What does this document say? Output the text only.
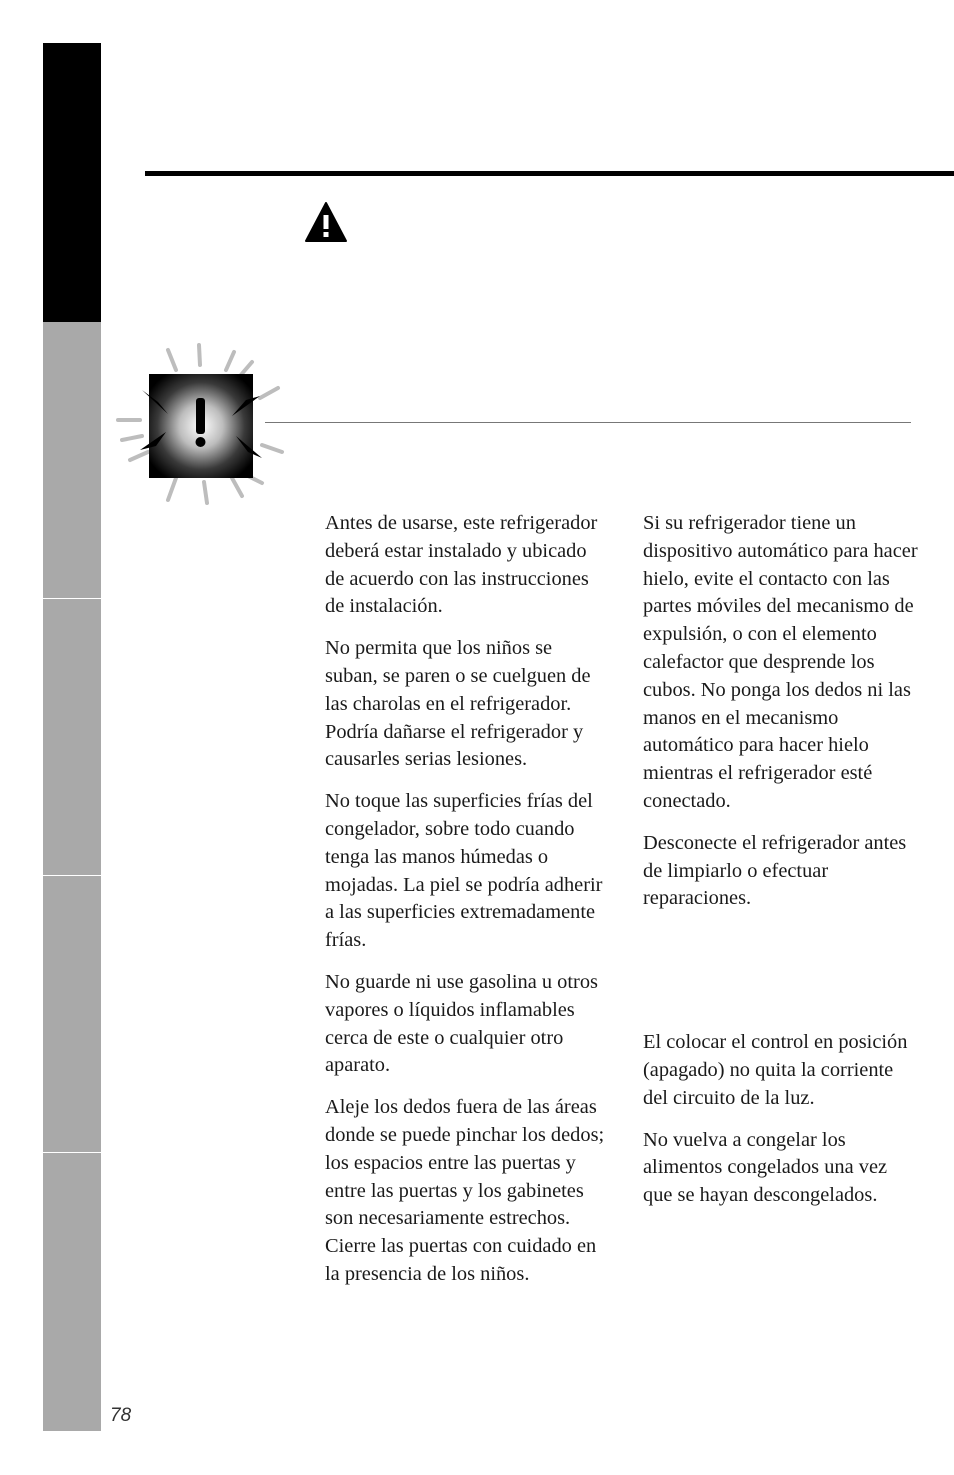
Antes de usarse, este refrigerador deberá estar instalado y ubicado de acuerdo con las instrucciones de instalación.

No permita que los niños se suban, se paren o se cuelguen de las charolas en el refrigerador. Podría dañarse el refrigerador y causarles serias lesiones.

No toque las superficies frías del congelador, sobre todo cuando tenga las manos húmedas o mojadas. La piel se podría adherir a las superficies extremadamente frías.

No guarde ni use gasolina u otros vapores o líquidos inflamables cerca de este o cualquier otro aparato.

Aleje los dedos fuera de las áreas donde se puede pinchar los dedos; los espacios entre las puertas y entre las puertas y los gabinetes son necesariamente estrechos. Cierre las puertas con cuidado en la presencia de los niños.

Si su refrigerador tiene un dispositivo automático para hacer hielo, evite el contacto con las partes móviles del mecanismo de expulsión, o con el elemento calefactor que desprende los cubos. No ponga los dedos ni las manos en el mecanismo automático para hacer hielo mientras el refrigerador esté conectado.

Desconecte el refrigerador antes de limpiarlo o efectuar reparaciones.

El colocar el control en posición         (apagado) no quita la corriente del circuito de la luz.

No vuelva a congelar los alimentos congelados una vez que se hayan descongelados.

78
